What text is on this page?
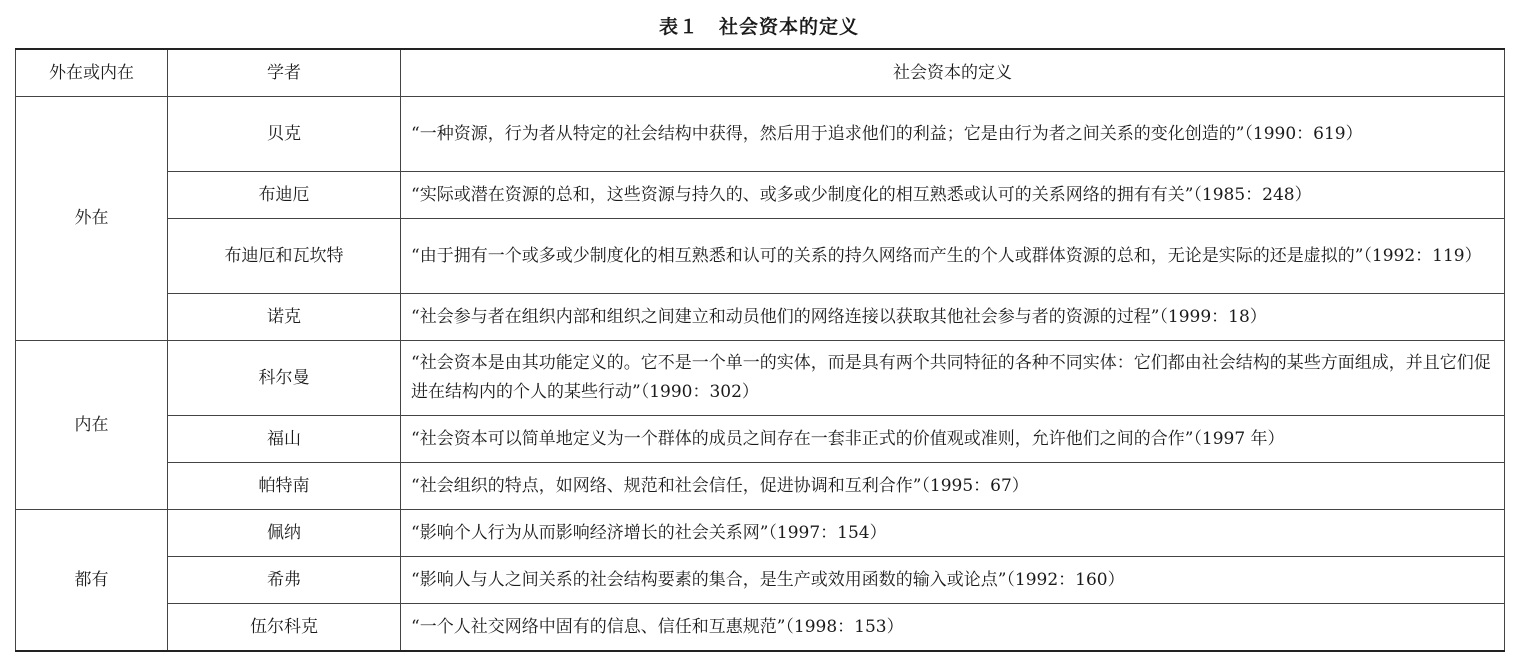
表１　社会资本的定义
外在或内在	学者	社会资本的定义
外在	贝克	“一种资源，行为者从特定的社会结构中获得，然后用于追求他们的利益；它是由行为者之间关系的变化创造的”（1990：619）
	布迪厄	“实际或潜在资源的总和，这些资源与持久的、或多或少制度化的相互熟悉或认可的关系网络的拥有有关”（1985：248）
	布迪厄和瓦坎特	“由于拥有一个或多或少制度化的相互熟悉和认可的关系的持久网络而产生的个人或群体资源的总和，无论是实际的还是虚拟的”（1992：119）
	诺克	“社会参与者在组织内部和组织之间建立和动员他们的网络连接以获取其他社会参与者的资源的过程”（1999：18）
内在	科尔曼	“社会资本是由其功能定义的。它不是一个单一的实体，而是具有两个共同特征的各种不同实体：它们都由社会结构的某些方面组成，并且它们促进在结构内的个人的某些行动”（1990：302）
	福山	“社会资本可以简单地定义为一个群体的成员之间存在一套非正式的价值观或准则，允许他们之间的合作”（1997 年）
	帕特南	“社会组织的特点，如网络、规范和社会信任，促进协调和互利合作”（1995：67）
都有	佩纳	“影响个人行为从而影响经济增长的社会关系网”（1997：154）
	希弗	“影响人与人之间关系的社会结构要素的集合，是生产或效用函数的输入或论点”（1992：160）
	伍尔科克	“一个人社交网络中固有的信息、信任和互惠规范”（1998：153）
